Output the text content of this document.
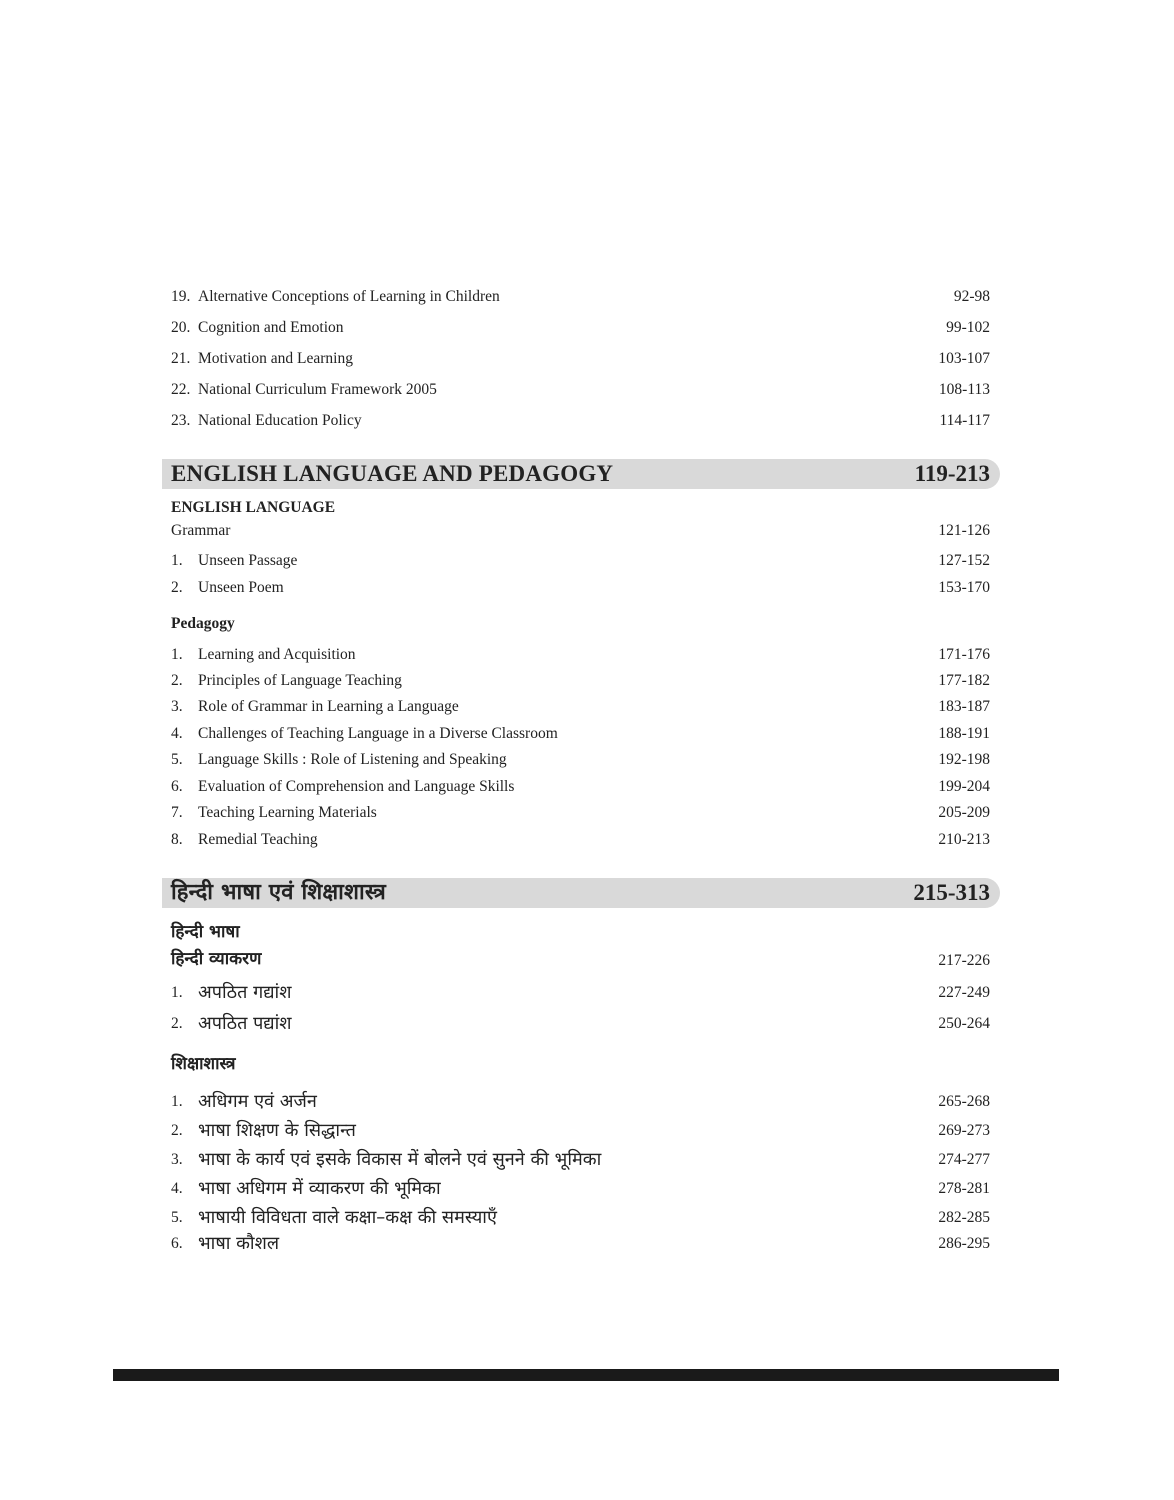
19. Alternative Conceptions of Learning in Children	92-98
20. Cognition and Emotion	99-102
21. Motivation and Learning	103-107
22. National Curriculum Framework 2005	108-113
23. National Education Policy	114-117
ENGLISH LANGUAGE AND PEDAGOGY	119-213
ENGLISH LANGUAGE
Grammar	121-126
1. Unseen Passage	127-152
2. Unseen Poem	153-170
Pedagogy
1. Learning and Acquisition	171-176
2. Principles of Language Teaching	177-182
3. Role of Grammar in Learning a Language	183-187
4. Challenges of Teaching Language in a Diverse Classroom	188-191
5. Language Skills : Role of Listening and Speaking	192-198
6. Evaluation of Comprehension and Language Skills	199-204
7. Teaching Learning Materials	205-209
8. Remedial Teaching	210-213
हिन्दी भाषा एवं शिक्षाशास्त्र	215-313
हिन्दी भाषा
हिन्दी व्याकरण	217-226
1. अपठित गद्यांश	227-249
2. अपठित पद्यांश	250-264
शिक्षाशास्त्र
1. अधिगम एवं अर्जन	265-268
2. भाषा शिक्षण के सिद्धान्त	269-273
3. भाषा के कार्य एवं इसके विकास में बोलने एवं सुनने की भूमिका	274-277
4. भाषा अधिगम में व्याकरण की भूमिका	278-281
5. भाषायी विविधता वाले कक्षा–कक्ष की समस्याएँ	282-285
6. भाषा कौशल	286-295
